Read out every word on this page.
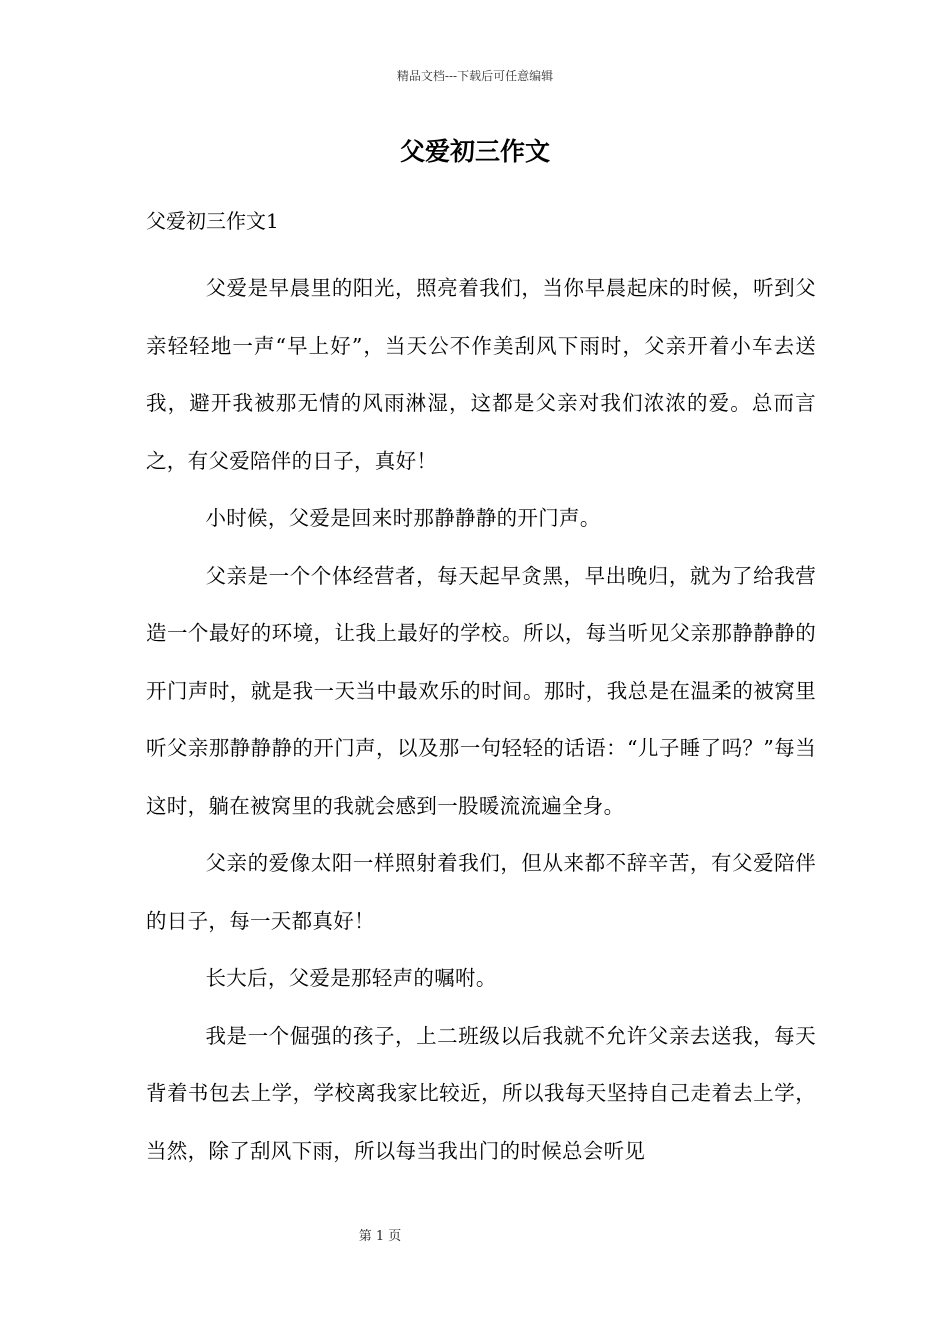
精品文档---下载后可任意编辑
父爱初三作文
父爱初三作文1

父爱是早晨里的阳光，照亮着我们，当你早晨起床的时候，听到父亲轻轻地一声“早上好”，当天公不作美刮风下雨时，父亲开着小车去送我，避开我被那无情的风雨淋湿，这都是父亲对我们浓浓的爱。总而言之，有父爱陪伴的日子，真好！

小时候，父爱是回来时那静静静的开门声。

父亲是一个个体经营者，每天起早贪黑，早出晚归，就为了给我营造一个最好的环境，让我上最好的学校。所以，每当听见父亲那静静静的开门声时，就是我一天当中最欢乐的时间。那时，我总是在温柔的被窝里听父亲那静静静的开门声，以及那一句轻轻的话语：“儿子睡了吗？”每当这时，躺在被窝里的我就会感到一股暖流流遍全身。

父亲的爱像太阳一样照射着我们，但从来都不辞辛苦，有父爱陪伴的日子，每一天都真好！

长大后，父爱是那轻声的嘱咐。

我是一个倔强的孩子，上二班级以后我就不允许父亲去送我，每天背着书包去上学，学校离我家比较近，所以我每天坚持自己走着去上学，当然，除了刮风下雨，所以每当我出门的时候总会听见

第 1 页
